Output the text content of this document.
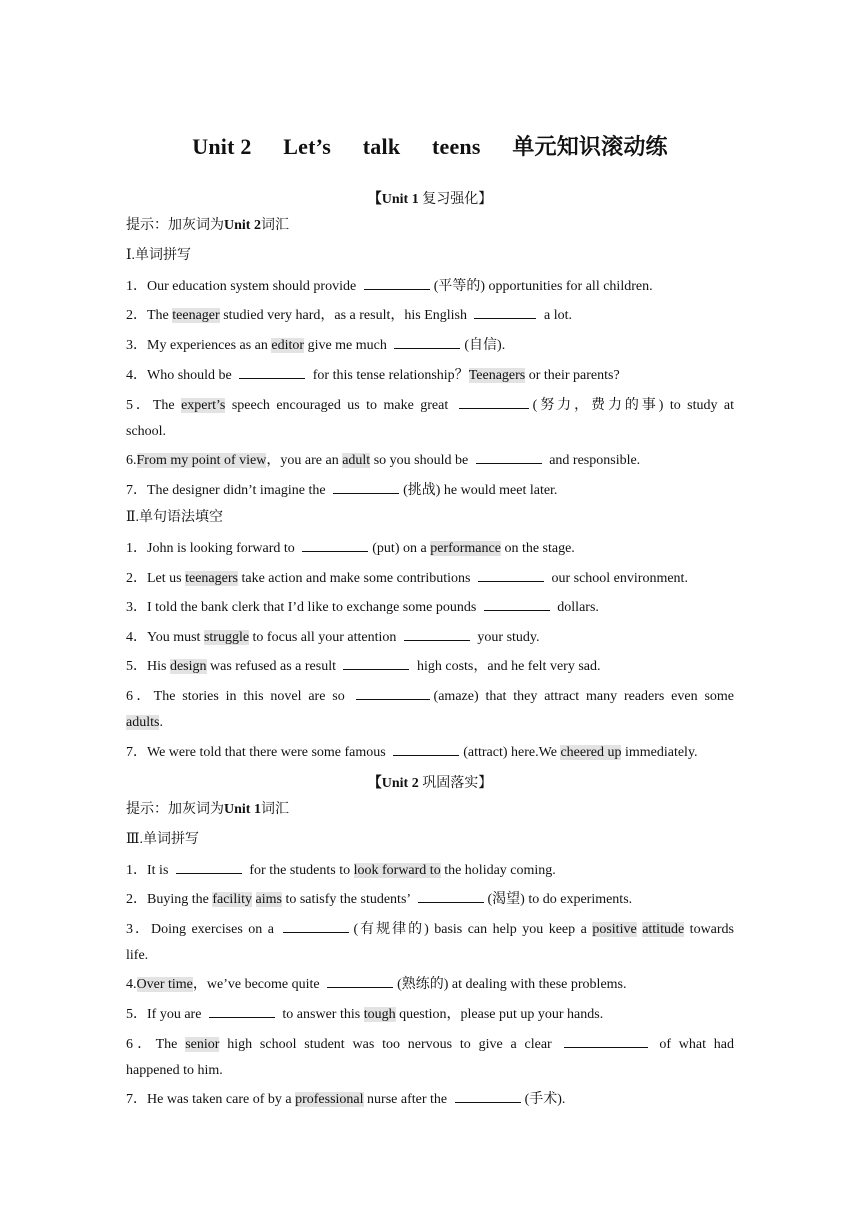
Unit 2 Let’s talk teens 单元知识滚动练
【Unit 1 复习强化】
提示：加灰词为Unit 2词汇
Ⅰ.单词拼写
1．Our education system should provide	(平等的) opportunities for all children.
2．The teenager studied very hard，as a result，his English	a lot.
3．My experiences as an editor give me much	(自信).
4．Who should be	for this tense relationship？Teenagers or their parents?
5．The expert’s speech encouraged us to make great	(努力，费力的事) to study at
school.
6.From my point of view，you are an adult so you should be	and responsible.
7．The designer didn’t imagine the	(挑战) he would meet later.
Ⅱ.单句语法填空
1．John is looking forward to	(put) on a performance on the stage.
2．Let us teenagers take action and make some contributions	our school environment.
3．I told the bank clerk that I’d like to exchange some pounds	dollars.
4．You must struggle to focus all your attention	your study.
5．His design was refused as a result	high costs，and he felt very sad.
6．The stories in this novel are so	(amaze) that they attract many readers even some
adults.
7．We were told that there were some famous	(attract) here.We cheered up immediately.
【Unit 2 巩固落实】
提示：加灰词为Unit 1词汇
Ⅲ.单词拼写
1．It is	for the students to look forward to the holiday coming.
2．Buying the facility aims to satisfy the students’	(渴望) to do experiments.
3．Doing exercises on a	(有规律的) basis can help you keep a positive attitude towards
life.
4.Over time，we’ve become quite	(熟练的) at dealing with these problems.
5．If you are	to answer this tough question，please put up your hands.
6．The senior high school student was too nervous to give a clear	of what had
happened to him.
7．He was taken care of by a professional nurse after the	(手术).
